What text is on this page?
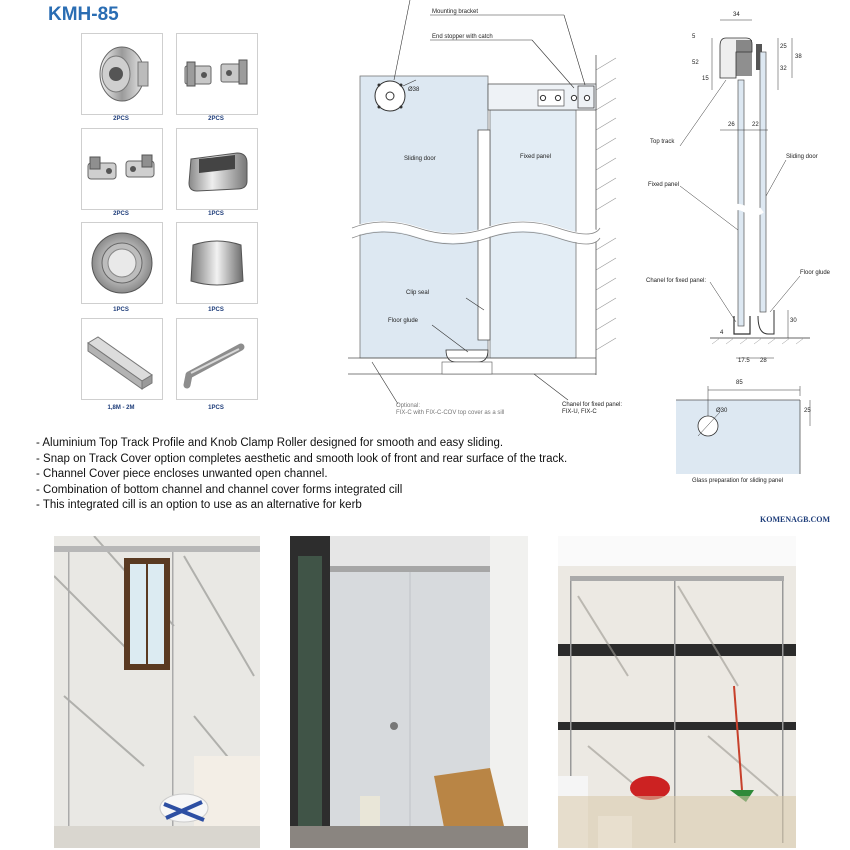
KMH-85
2PCS	2PCS
2PCS	1PCS
1PCS	1PCS
1,8M - 2M	1PCS
Mounting bracket
End stopper with catch
Ø38
Sliding door	Fixed panel
Clip seal
Floor glude
Optional:
FIX-C with FIX-C-COV top cover as a sill
Chanel for fixed panel:
FIX-U, FIX-C
34
5
25
52
38
15
32
26	22
Top track
Sliding door
Fixed panel
Chanel for fixed panel:
Floor glude
30
4
17.5 28
85
25
Ø30
Glass preparation for sliding panel
- Aluminium Top Track Profile and Knob Clamp Roller designed for smooth and easy sliding.
- Snap on Track Cover option completes aesthetic and smooth look of front and rear surface of the track.
- Channel Cover piece encloses unwanted open channel.
- Combination of bottom channel and channel cover forms integrated cill
- This integrated cill is an option to use as an alternative for kerb
KOMENAGB.COM
